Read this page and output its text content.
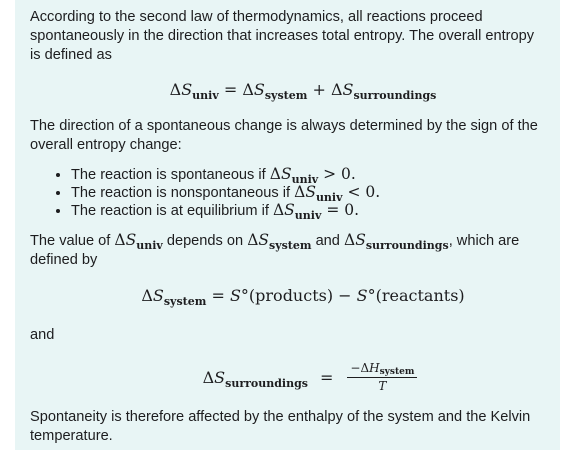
According to the second law of thermodynamics, all reactions proceed spontaneously in the direction that increases total entropy. The overall entropy is defined as

$\Delta S_{univ} = \Delta S_{system} + \Delta S_{surroundings}$

The direction of a spontaneous change is always determined by the sign of the overall entropy change:

• The reaction is spontaneous if $\Delta S_{univ} > 0$.
• The reaction is nonspontaneous if $\Delta S_{univ} < 0$.
• The reaction is at equilibrium if $\Delta S_{univ} = 0$.

The value of $\Delta S_{univ}$ depends on $\Delta S_{system}$ and $\Delta S_{surroundings}$, which are defined by

$\Delta S_{system}$ = S°(products) − S°(reactants)

and

$\Delta S_{surroundings} = \frac{\text{−ΔHsystem}}{T}$

Spontaneity is therefore affected by the enthalpy of the system and the Kelvin temperature.
